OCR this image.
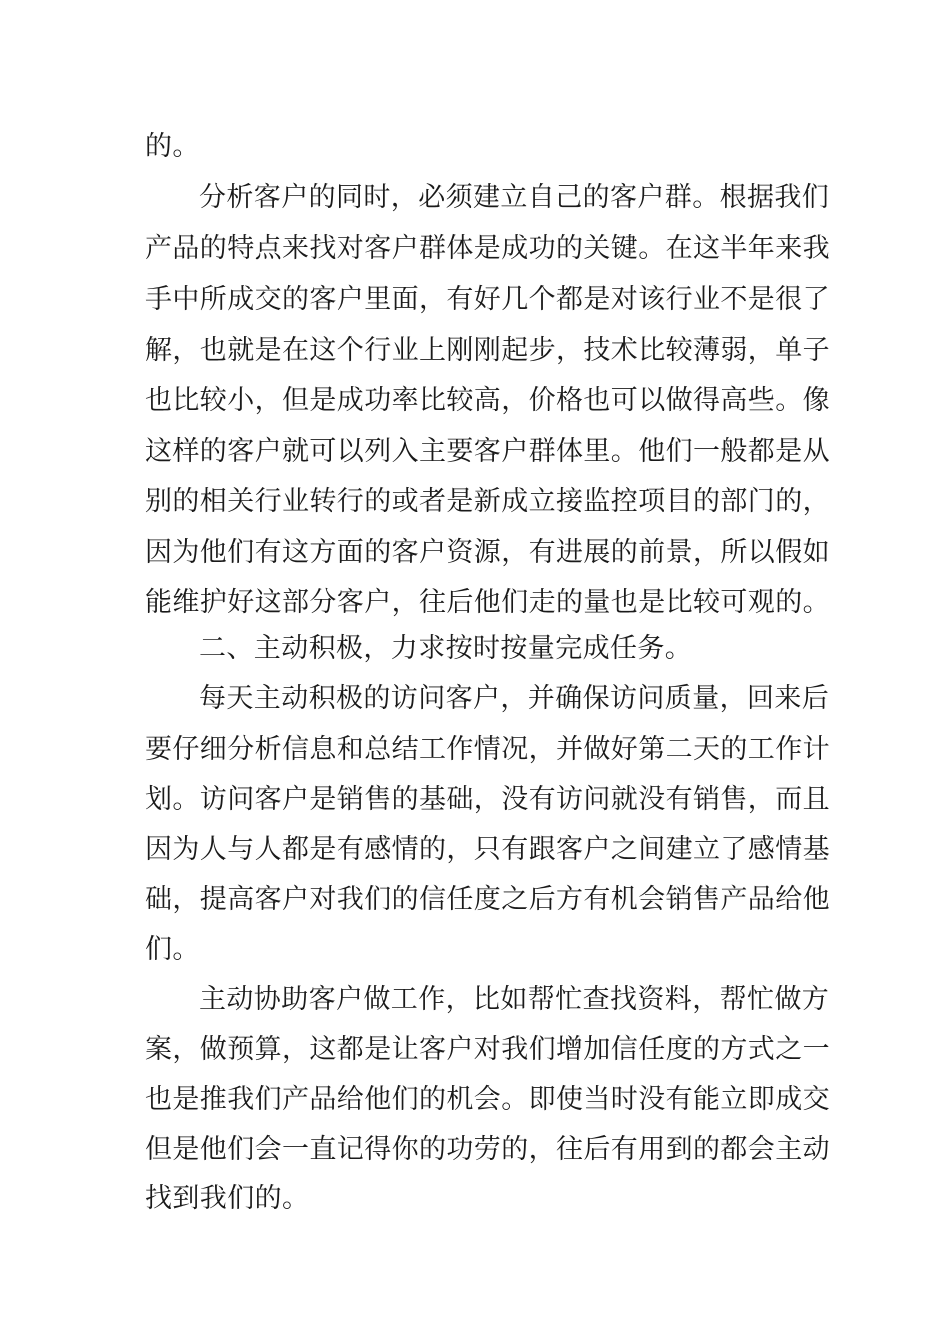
的。
分析客户的同时，必须建立自己的客户群。根据我们
产品的特点来找对客户群体是成功的关键。在这半年来我
手中所成交的客户里面，有好几个都是对该行业不是很了
解，也就是在这个行业上刚刚起步，技术比较薄弱，单子
也比较小，但是成功率比较高，价格也可以做得高些。像
这样的客户就可以列入主要客户群体里。他们一般都是从
别的相关行业转行的或者是新成立接监控项目的部门的，
因为他们有这方面的客户资源，有进展的前景，所以假如
能维护好这部分客户，往后他们走的量也是比较可观的。
二、主动积极，力求按时按量完成任务。
每天主动积极的访问客户，并确保访问质量，回来后
要仔细分析信息和总结工作情况，并做好第二天的工作计
划。访问客户是销售的基础，没有访问就没有销售，而且
因为人与人都是有感情的，只有跟客户之间建立了感情基
础，提高客户对我们的信任度之后方有机会销售产品给他
们。
主动协助客户做工作，比如帮忙查找资料，帮忙做方
案，做预算，这都是让客户对我们增加信任度的方式之一
也是推我们产品给他们的机会。即使当时没有能立即成交
但是他们会一直记得你的功劳的，往后有用到的都会主动
找到我们的。
